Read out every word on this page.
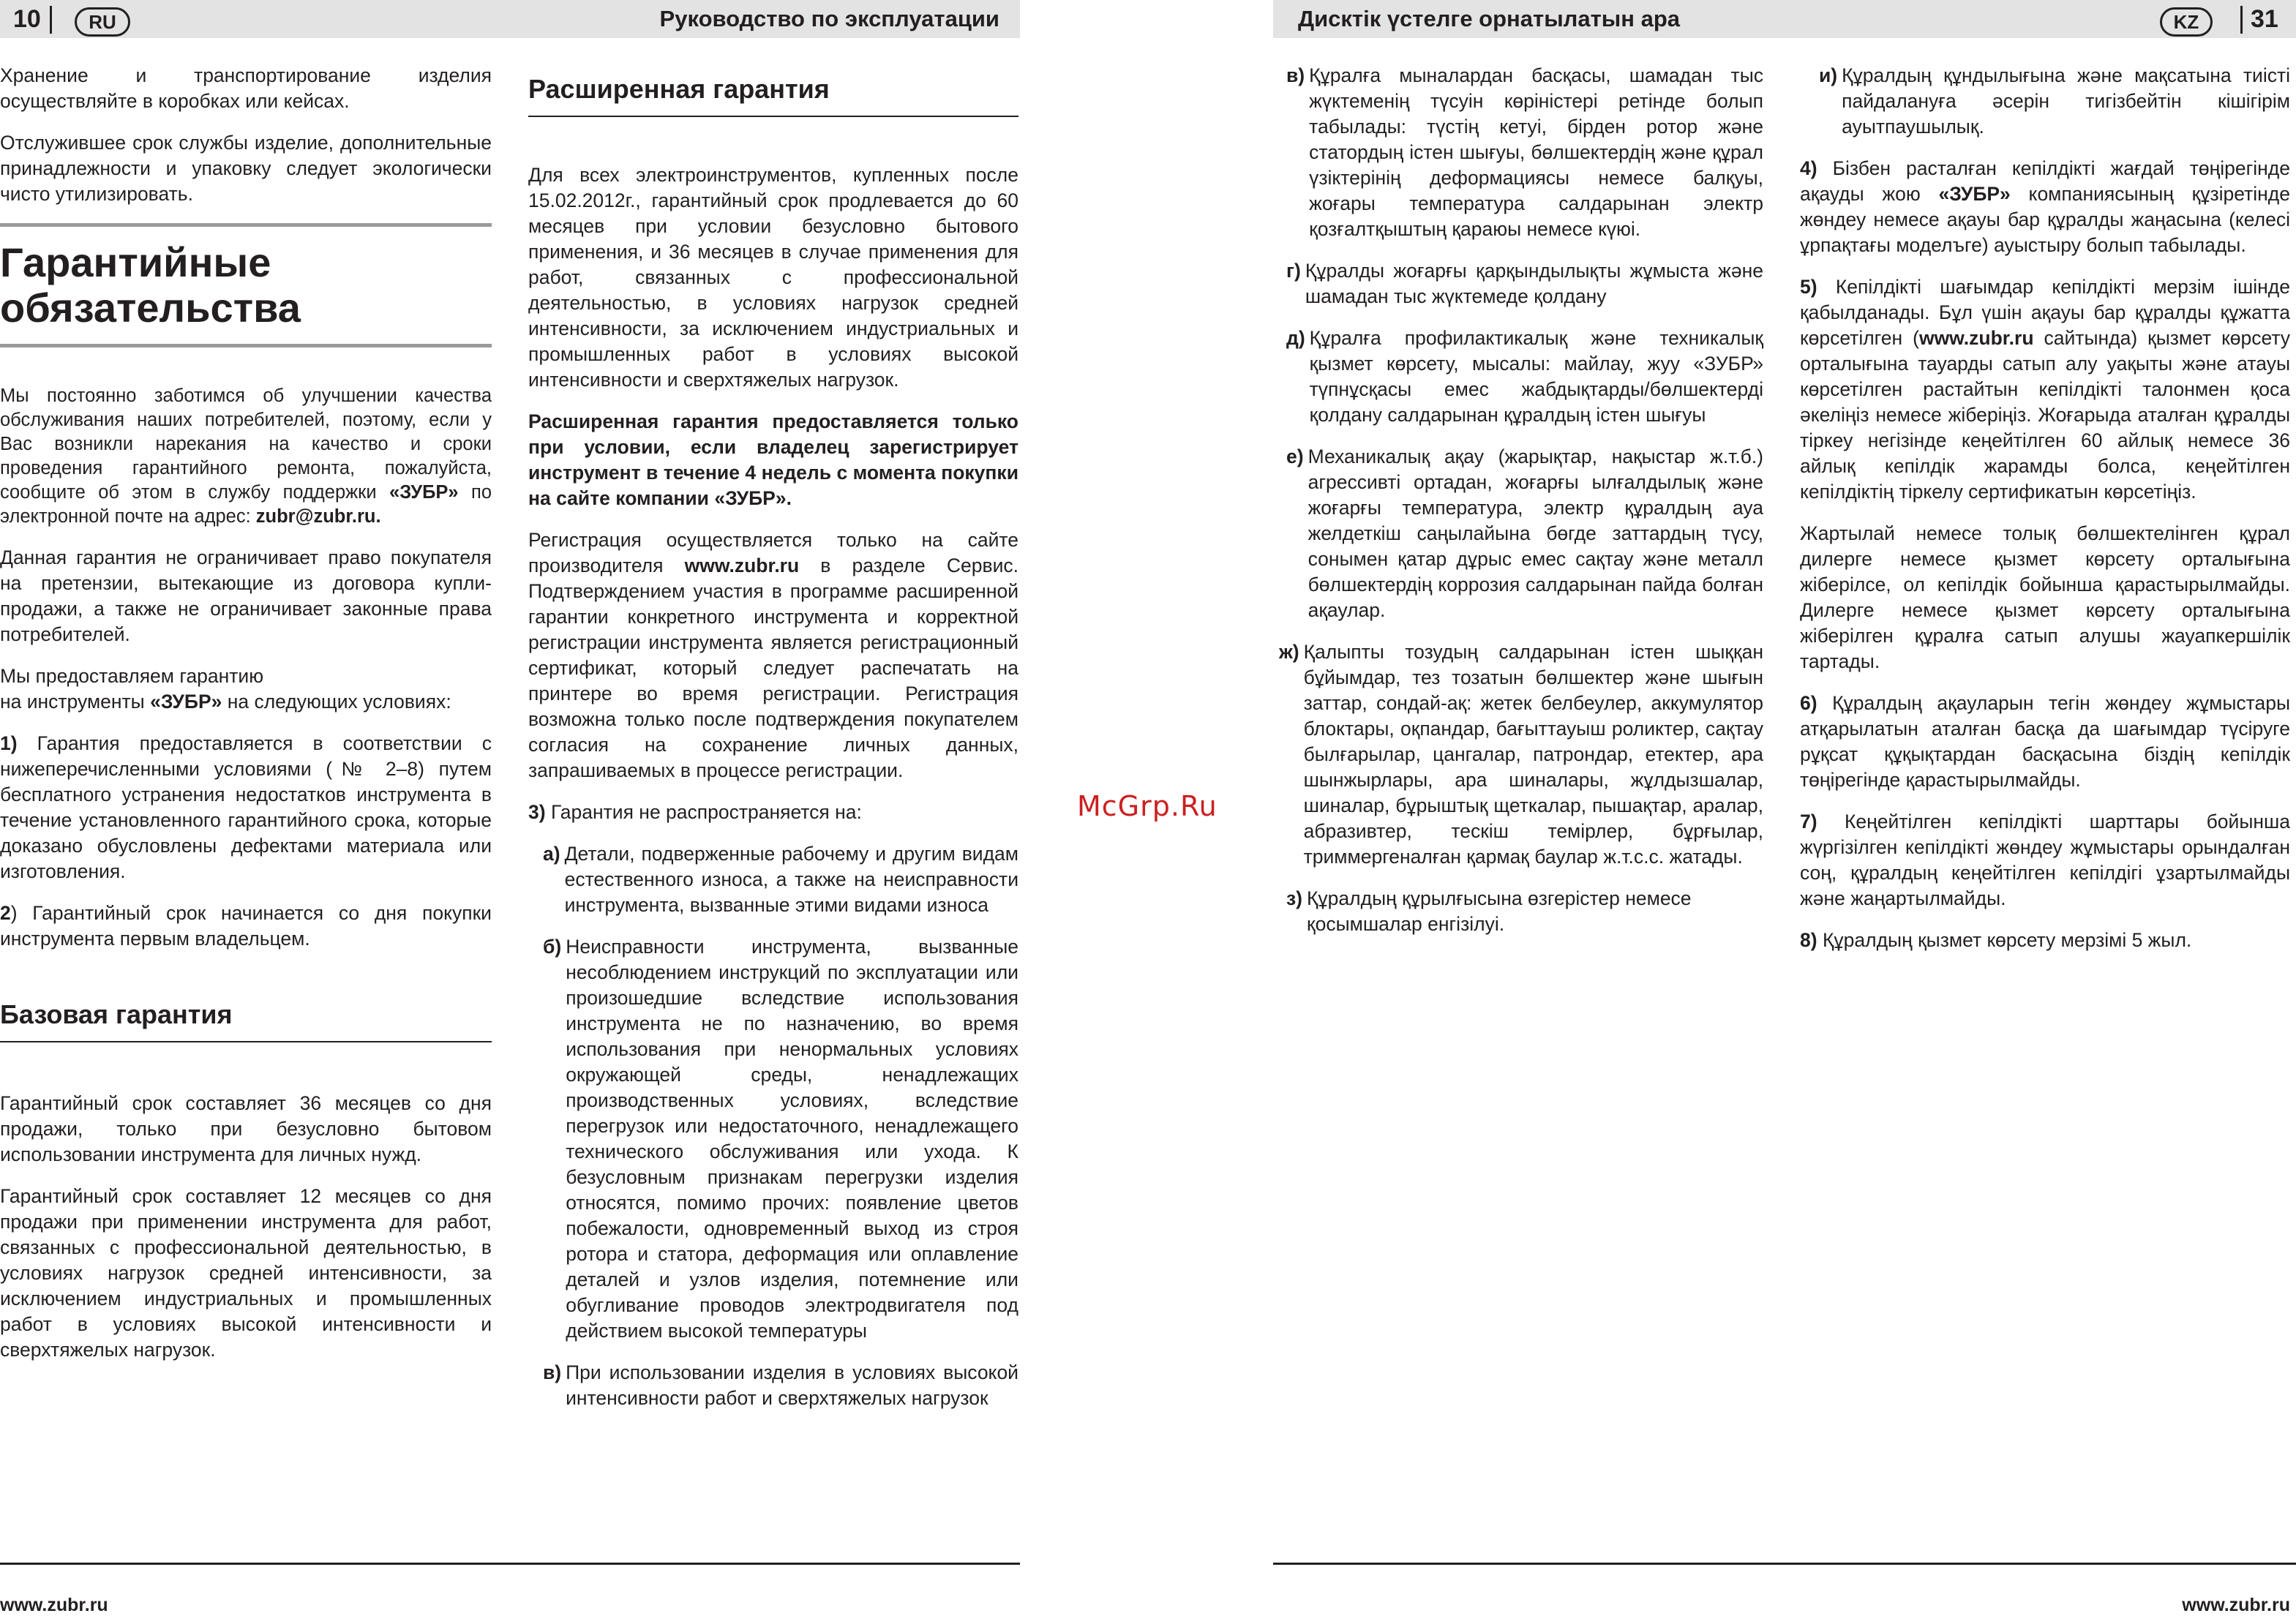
10	RU	Руководство по эксплуатации	Дисктік үстелге орнатылатын ара	KZ	31

Хранение и транспортирование изделия осуществляйте в коробках или кейсах.

Отслужившее срок службы изделие, дополнительные принадлежности и упаковку следует экологически чисто утилизировать.

Гарантийные обязательства

Мы постоянно заботимся об улучшении качества обслуживания наших потребителей, поэтому, если у Вас возникли нарекания на качество и сроки проведения гарантийного ремонта, пожалуйста, сообщите об этом в службу поддержки «ЗУБР» по электронной почте на адрес: zubr@zubr.ru.

Данная гарантия не ограничивает право покупателя на претензии, вытекающие из договора купли-продажи, а также не ограничивает законные права потребителей.

Мы предоставляем гарантию
на инструменты «ЗУБР» на следующих условиях:

1) Гарантия предоставляется в соответствии с нижеперечисленными условиями (№ 2–8) путем бесплатного устранения недостатков инструмента в течение установленного гарантийного срока, которые доказано обусловлены дефектами материала или изготовления.

2) Гарантийный срок начинается со дня покупки инструмента первым владельцем.

Базовая гарантия

Гарантийный срок составляет 36 месяцев со дня продажи, только при безусловно бытовом использовании инструмента для личных нужд.

Гарантийный срок составляет 12 месяцев со дня продажи при применении инструмента для работ, связанных с профессиональной деятельностью, в условиях нагрузок средней интенсивности, за исключением индустриальных и промышленных работ в условиях высокой интенсивности и сверхтяжелых нагрузок.

Расширенная гарантия

Для всех электроинструментов, купленных после 15.02.2012г., гарантийный срок продлевается до 60 месяцев при условии безусловно бытового применения, и 36 месяцев в случае применения для работ, связанных с профессиональной деятельностью, в условиях нагрузок средней интенсивности, за исключением индустриальных и промышленных работ в условиях высокой интенсивности и сверхтяжелых нагрузок.

Расширенная гарантия предоставляется только при условии, если владелец зарегистрирует инструмент в течение 4 недель с момента покупки на сайте компании «ЗУБР».

Регистрация осуществляется только на сайте производителя www.zubr.ru в разделе Сервис. Подтверждением участия в программе расширенной гарантии конкретного инструмента и корректной регистрации инструмента является регистрационный сертификат, который следует распечатать на принтере во время регистрации. Регистрация возможна только после подтверждения покупателем согласия на сохранение личных данных, запрашиваемых в процессе регистрации.

3) Гарантия не распространяется на:

а) Детали, подверженные рабочему и другим видам естественного износа, а также на неисправности инструмента, вызванные этими видами износа
б) Неисправности инструмента, вызванные несоблюдением инструкций по эксплуатации или произошедшие вследствие использования инструмента не по назначению, во время использования при ненормальных условиях окружающей среды, ненадлежащих производственных условиях, вследствие перегрузок или недостаточного, ненадлежащего технического обслуживания или ухода. К безусловным признакам перегрузки изделия относятся, помимо прочих: появление цветов побежалости, одновременный выход из строя ротора и статора, деформация или оплавление деталей и узлов изделия, потемнение или обугливание проводов электродвигателя под действием высокой температуры
в) При использовании изделия в условиях высокой интенсивности работ и сверхтяжелых нагрузок
McGrp.Ru
в) Құралға мыналардан басқасы, шамадан тыс жүктеменің түсуін көріністері ретінде болып табылады: түстің кетуі, бірден ротор және статордың істен шығуы, бөлшектердің және құрал үзіктерінің деформациясы немесе балқуы, жоғары температура салдарынан электр қозғалтқыштың қараюы немесе күюі.
г) Құралды жоғарғы қарқындылықты жұмыста және шамадан тыс жүктемеде қолдану
д) Құралға профилактикалық және техникалық қызмет көрсету, мысалы: майлау, жуу «ЗУБР» түпнұсқасы емес жабдықтарды/бөлшектерді қолдану салдарынан құралдың істен шығуы
е) Механикалық ақау (жарықтар, нақыстар ж.т.б.) агрессивті ортадан, жоғарғы ылғалдылық және жоғарғы температура, электр құралдың ауа желдеткіш саңылайына бөгде заттардың түсу, сонымен қатар дұрыс емес сақтау және металл бөлшектердің коррозия салдарынан пайда болған ақаулар.
ж) Қалыпты тозудың салдарынан істен шыққан бұйымдар, тез тозатын бөлшектер және шығын заттар, сондай-ақ: жетек белбеулер, аккумулятор блоктары, оқпандар, бағыттауыш роликтер, сақтау былғарылар, цангалар, патрондар, етектер, ара шынжырлары, ара шиналары, жұлдызшалар, шиналар, бұрыштық щеткалар, пышақтар, аралар, абразивтер, тескіш темірлер, бұрғылар, триммергеналған қармақ баулар ж.т.с.с. жатады.
з) Құралдың құрылғысына өзгерістер немесе қосымшалар енгізілуі.
и) Құралдың құндылығына және мақсатына тиісті пайдалануға әсерін тигізбейтін кішігірім ауытпаушылық.

4) Бізбен расталған кепілдікті жағдай төңірегінде ақауды жою «ЗУБР» компаниясының құзіретінде жөндеу немесе ақауы бар құралды жаңасына (келесі ұрпақтағы моделъге) ауыстыру болып табылады.

5) Кепілдікті шағымдар кепілдікті мерзім ішінде қабылданады. Бұл үшін ақауы бар құралды құжатта көрсетілген (www.zubr.ru сайтында) қызмет көрсету орталығына тауарды сатып алу уақыты және атауы көрсетілген растайтын кепілдікті талонмен қоса әкеліңіз немесе жіберіңіз. Жоғарыда аталған құралды тіркеу негізінде кеңейтілген 60 айлық немесе 36 айлық кепілдік жарамды болса, кеңейтілген кепілдіктің тіркелу сертификатын көрсетіңіз.

Жартылай немесе толық бөлшектелінген құрал дилерге немесе қызмет көрсету орталығына жіберілсе, ол кепілдік бойынша қарастырылмайды. Дилерге немесе қызмет көрсету орталығына жіберілген құралға сатып алушы жауапкершілік тартады.

6) Құралдың ақауларын тегін жөндеу жұмыстары атқарылатын аталған басқа да шағымдар түсіруге рұқсат құқықтардан басқасына біздің кепілдік төңірегінде қарастырылмайды.

7) Кеңейтілген кепілдікті шарттары бойынша жүргізілген кепілдікті жөндеу жұмыстары орындалған соң, құралдың кеңейтілген кепілдігі ұзартылмайды және жаңартылмайды.

8) Құралдың қызмет көрсету мерзімі 5 жыл.

www.zubr.ru	www.zubr.ru
